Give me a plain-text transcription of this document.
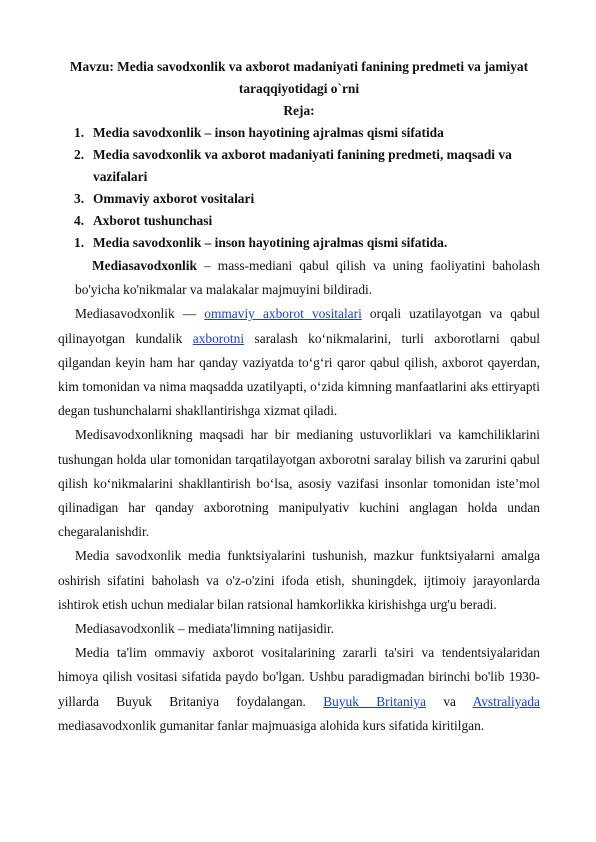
Mavzu: Media savodxonlik va axborot madaniyati fanining predmeti va jamiyat taraqqiyotidagi o`rni

Reja:

1. Media savodxonlik – inson hayotining ajralmas qismi sifatida
2. Media savodxonlik va axborot madaniyati fanining predmeti, maqsadi va vazifalari
3. Ommaviy axborot vositalari
4. Axborot tushunchasi

1. Media savodxonlik – inson hayotining ajralmas qismi sifatida.

Mediasavodxonlik – mass-mediani qabul qilish va uning faoliyatini baholash bo'yicha ko'nikmalar va malakalar majmuyini bildiradi.

Mediasavodxonlik — ommaviy axborot vositalari orqali uzatilayotgan va qabul qilinayotgan kundalik axborotni saralash ko‘nikmalarini, turli axborotlarni qabul qilgandan keyin ham har qanday vaziyatda to‘g‘ri qaror qabul qilish, axborot qayerdan, kim tomonidan va nima maqsadda uzatilyapti, o‘zida kimning manfaatlarini aks ettiryapti degan tushunchalarni shakllantirishga xizmat qiladi.

Medisavodxonlikning maqsadi har bir medianing ustuvorliklari va kamchiliklarini tushungan holda ular tomonidan tarqatilayotgan axborotni saralay bilish va zarurini qabul qilish ko‘nikmalarini shakllantirish bo‘lsa, asosiy vazifasi insonlar tomonidan iste’mol qilinadigan har qanday axborotning manipulyativ kuchini anglagan holda undan chegaralanishdir.

Media savodxonlik media funktsiyalarini tushunish, mazkur funktsiyalarni amalga oshirish sifatini baholash va o'z-o'zini ifoda etish, shuningdek, ijtimoiy jarayonlarda ishtirok etish uchun medialar bilan ratsional hamkorlikka kirishishga urg'u beradi.

Mediasavodxonlik – mediata'limning natijasidir.

Media ta'lim ommaviy axborot vositalarining zararli ta'siri va tendentsiyalaridan himoya qilish vositasi sifatida paydo bo'lgan. Ushbu paradigmadan birinchi bo'lib 1930-yillarda Buyuk Britaniya foydalangan. Buyuk Britaniya va Avstraliyada mediasavodxonlik gumanitar fanlar majmuasiga alohida kurs sifatida kiritilgan.
